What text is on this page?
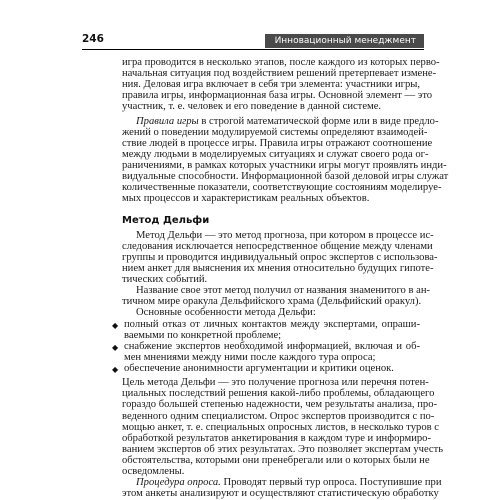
246	Инновационный менеджмент
игра проводится в несколько этапов, после каждого из которых перво-
начальная ситуация под воздействием решений претерпевает измене-
ния. Деловая игра включает в себя три элемента: участники игры,
правила игры, информационная база игры. Основной элемент — это
участник, т. е. человек и его поведение в данной системе.
Правила игры в строгой математической форме или в виде предло-
жений о поведении модулируемой системы определяют взаимодей-
ствие людей в процессе игры. Правила игры отражают соотношение
между людьми в моделируемых ситуациях и служат своего рода ог-
раничениями, в рамках которых участники игры могут проявлять инди-
видуальные способности. Информационной базой деловой игры служат
количественные показатели, соответствующие состояниям моделируе-
мых процессов и характеристикам реальных объектов.
Метод Дельфи
Метод Дельфи — это метод прогноза, при котором в процессе ис-
следования исключается непосредственное общение между членами
группы и проводится индивидуальный опрос экспертов с использова-
нием анкет для выяснения их мнения относительно будущих гипоте-
тических событий.
Название свое этот метод получил от названия знаменитого в ан-
тичном мире оракула Дельфийского храма (Дельфийский оракул).
Основные особенности метода Дельфи:
◆ полный отказ от личных контактов между экспертами, опраши-
ваемыми по конкретной проблеме;
◆ снабжение экспертов необходимой информацией, включая и об-
мен мнениями между ними после каждого тура опроса;
◆ обеспечение анонимности аргументации и критики оценок.
Цель метода Дельфи — это получение прогноза или перечня потен-
циальных последствий решения какой-либо проблемы, обладающего
гораздо большей степенью надежности, чем результаты анализа, про-
веденного одним специалистом. Опрос экспертов производится с по-
мощью анкет, т. е. специальных опросных листов, в несколько туров с
обработкой результатов анкетирования в каждом туре и информиро-
ванием экспертов об этих результатах. Это позволяет экспертам учесть
обстоятельства, которыми они пренебрегали или о которых были не
осведомлены.
Процедура опроса. Проводят первый тур опроса. Поступившие при
этом анкеты анализируют и осуществляют статистическую обработку
